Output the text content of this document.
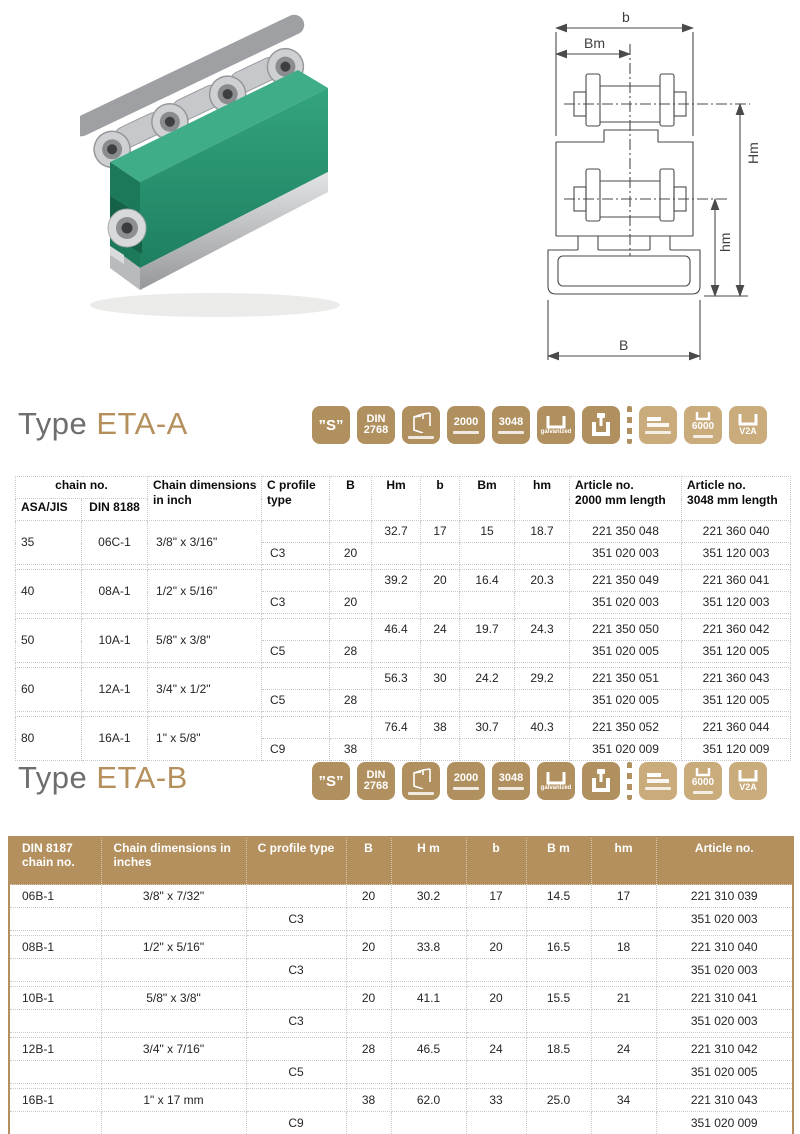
b
Bm
Hm
hm
B
Type ETA-A	”S” DIN
2768
2000 3048
galvanized	6000	V2A
Type ETA-B	”S” DIN
2768
2000 3048
galvanized	6000	V2A
chain no.	Chain dimensions in inch	C profile type	B	Hm	b	Bm	hm	Article no.
2000 mm length

Article no.
3048 mm length

ASA/JIS	DIN 8188									
35	06C-1	3/8" x 3/16"			32.7	17	15	18.7	221 350 048	221 360 040
			C3	20					351 020 003	351 120 003

40	08A-1	1/2" x 5/16"			39.2	20	16.4	20.3	221 350 049	221 360 041
			C3	20					351 020 003	351 120 003

50	10A-1	5/8" x 3/8"			46.4	24	19.7	24.3	221 350 050	221 360 042
			C5	28					351 020 005	351 120 005

60	12A-1	3/4" x 1/2"			56.3	30	24.2	29.2	221 350 051	221 360 043
			C5	28					351 020 005	351 120 005

80	16A-1	1" x 5/8"			76.4	38	30.7	40.3	221 350 052	221 360 044
			C9	38					351 020 009	351 120 009
DIN 8187
chain no.

Chain dimensions in
inches
	C profile type	B	H m	b	B m	hm	Article no.
06B-1	3/8" x 7/32"		20	30.2	17	14.5	17	221 310 039
		C3						351 020 003

08B-1	1/2" x 5/16"		20	33.8	20	16.5	18	221 310 040
		C3						351 020 003

10B-1	5/8" x 3/8"		20	41.1	20	15.5	21	221 310 041
		C3						351 020 003

12B-1	3/4" x 7/16"		28	46.5	24	18.5	24	221 310 042
		C5						351 020 005

16B-1	1" x 17 mm		38	62.0	33	25.0	34	221 310 043
		C9						351 020 009
